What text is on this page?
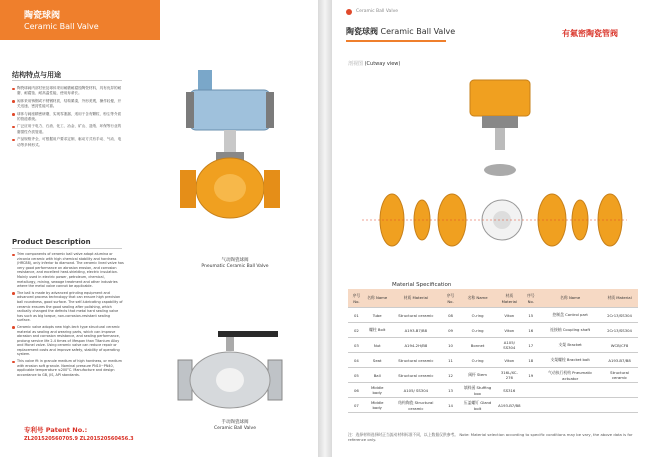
陶瓷球阀
Ceramic Ball Valve
结构特点与用途

陶瓷球阀内部衬里及球体采用耐磨耐腐蚀陶瓷材料，具有优异的耐磨、耐腐蚀、耐高温性能，使用寿命长。

阀体采用铸钢或不锈钢材质，结构紧凑，外形美观，操作轻便，开关迅速，密封性能可靠。

球体与阀座精密研磨，实现零泄漏，适用于含有颗粒、粉尘等介质的管道系统。

广泛应用于电力、石油、化工、冶金、矿山、造纸、环保等行业的磨损性介质管道。

产品规格齐全，可根据用户要求定制，驱动方式有手动、气动、电动等多种形式。

Product Description

Trim components of ceramic ball valve adopt alumina or zirconia ceramic with high chemical stability and hardness (HRC88), only inferior to diamond. The ceramic lined valve has very good performance on abrasion erosion, and corrosion resistance, and excellent heat-shielding, electric insulation. Mainly used in electric power, petroleum, chemical, metallurgy, mining, sewage treatment and other industries where the metal valve cannot be applicable.

The ball is made by advanced grinding equipment and advanced process technology that can ensure high precision ball roundness, good surface. The self-lubricating capability of ceramic ensures the good sealing after polishing, which radically changed the defects that metal hard sealing valve has such as big torque, non-corrosion-resistant sealing surface.

Ceramic valve adopts new high-tech type structural ceramic material as sealing and wearing parts, which can improve abrasion and corrosion resistance, and sealing performance, prolong service life 2-4 times of lifespan than Titanium Alloy and Monel valve. Using ceramic valve can reduce repair or replacement costs and improve safety, stability of operating system.

This valve fit in granule medium of high hardness, or medium with erosion soft granule. Nominal pressure PN10~PN40, applicable temperature ≤200°C. Manufacture and design accordance to GB, JIS, API standards.

气动陶瓷球阀
Pneumatic Ceramic Ball Valve
手动陶瓷球阀
Ceramic Ball Valve
专利号 Patent No.:
ZL201520560705.9 ZL201520560456.3
Ceramic Ball Valve
陶瓷球阀 Ceramic Ball Valve	有氟密陶瓷管阀
剖视图 (Cutway view)
Material Specification
序号 No.	名称 Name	材质 Material	序号 No.	名称 Name	材质 Material	序号 No.	名称 Name	材质 Material
01	Tube	Structural ceramic	08	O-ring	Viton	15	控制盘 Control part	2Cr13/SS304
02	螺柱 Bolt	A193-B7/B8	09	O-ring	Viton	16	连接轴 Coupling shaft	2Cr13/SS304
03	Nut	A194-2H/B8	10	Bonnet	A105/ SS304	17	支架 Bracket	WCB/CF8
04	Seat	Structural ceramic	11	O-ring	Viton	18	支架螺栓 Bracket bolt	A193-B7/B8
05	Ball	Structural ceramic	12	阀杆 Stem	316L/XC-276	19	气动执行机构 Pneumatic actuator	Structural ceramic
06	Middle body	A105/ SS304	13	填料函 Stuffing box	SS316			
07	Middle body	结构陶瓷 Structural ceramic	14	压盖螺钉 Gland bolt	A193-B7/B8			
注：选择材料选择时正当流动材料标准不同，以上数据仅供参考。 Note: Material selection according to specific conditions may be vary, the above data is for reference only.
